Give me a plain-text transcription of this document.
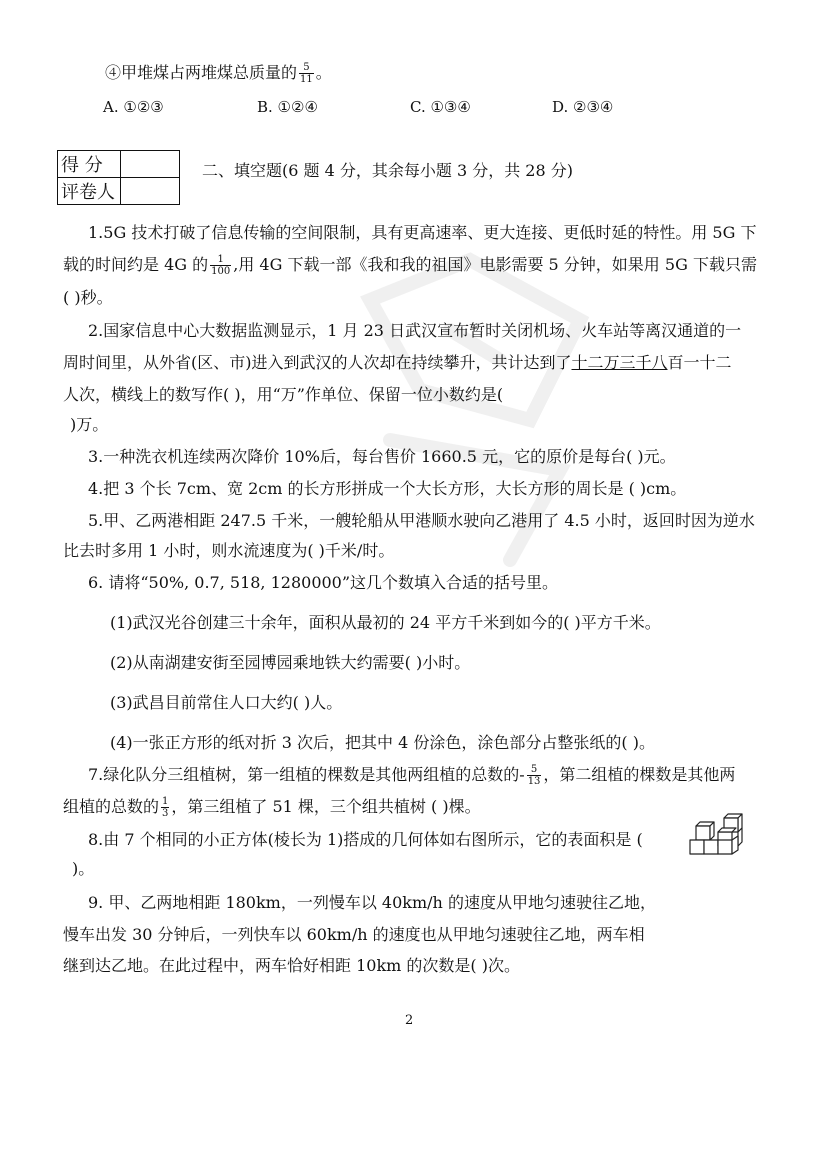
④甲堆煤占两堆煤总质量的 $\frac{5}{11}$ 。
A. ①②③	B. ①②④	C. ①③④	D. ②③④
得 分	
评卷人	
二、填空题(6 题 4 分，其余每小题 3 分，共 28 分)
1.5G 技术打破了信息传输的空间限制，具有更高速率、更大连接、更低时延的特性。用 5G 下
载的时间约是 4G 的 $\frac{1}{100}$ ,用 4G 下载一部《我和我的祖国》电影需要 5 分钟，如果用 5G 下载只需
( )秒。
2.国家信息中心大数据监测显示，1 月 23 日武汉宣布暂时关闭机场、火车站等离汉通道的一
周时间里，从外省(区、市)进入到武汉的人次却在持续攀升，共计达到了十二万三千八百一十二
人次，横线上的数写作( )，用“万”作单位、保留一位小数约是(
)万。
3.一种洗衣机连续两次降价 10%后，每台售价 1660.5 元，它的原价是每台( )元。
4.把 3 个长 7cm、宽 2cm 的长方形拼成一个大长方形，大长方形的周长是 ( )cm。
5.甲、乙两港相距 247.5 千米，一艘轮船从甲港顺水驶向乙港用了 4.5 小时，返回时因为逆水
比去时多用 1 小时，则水流速度为( )千米/时。
6. 请将“50%, 0.7, 518, 1280000”这几个数填入合适的括号里。
(1)武汉光谷创建三十余年，面积从最初的 24 平方千米到如今的( )平方千米。
(2)从南湖建安街至园博园乘地铁大约需要( )小时。
(3)武昌目前常住人口大约( )人。
(4)一张正方形的纸对折 3 次后，把其中 4 份涂色，涂色部分占整张纸的( )。
7.绿化队分三组植树，第一组植的棵数是其他两组植的总数的- $\frac{5}{13}$ ，第二组植的棵数是其他两
组植的总数的 $\frac{1}{3}$ ，第三组植了 51 棵，三个组共植树 ( )棵。
8.由 7 个相同的小正方体(棱长为 1)搭成的几何体如右图所示，它的表面积是 (
)。
9. 甲、乙两地相距 180km，一列慢车以 40km/h 的速度从甲地匀速驶往乙地，
慢车出发 30 分钟后，一列快车以 60km/h 的速度也从甲地匀速驶往乙地，两车相
继到达乙地。在此过程中，两车恰好相距 10km 的次数是( )次。
2
